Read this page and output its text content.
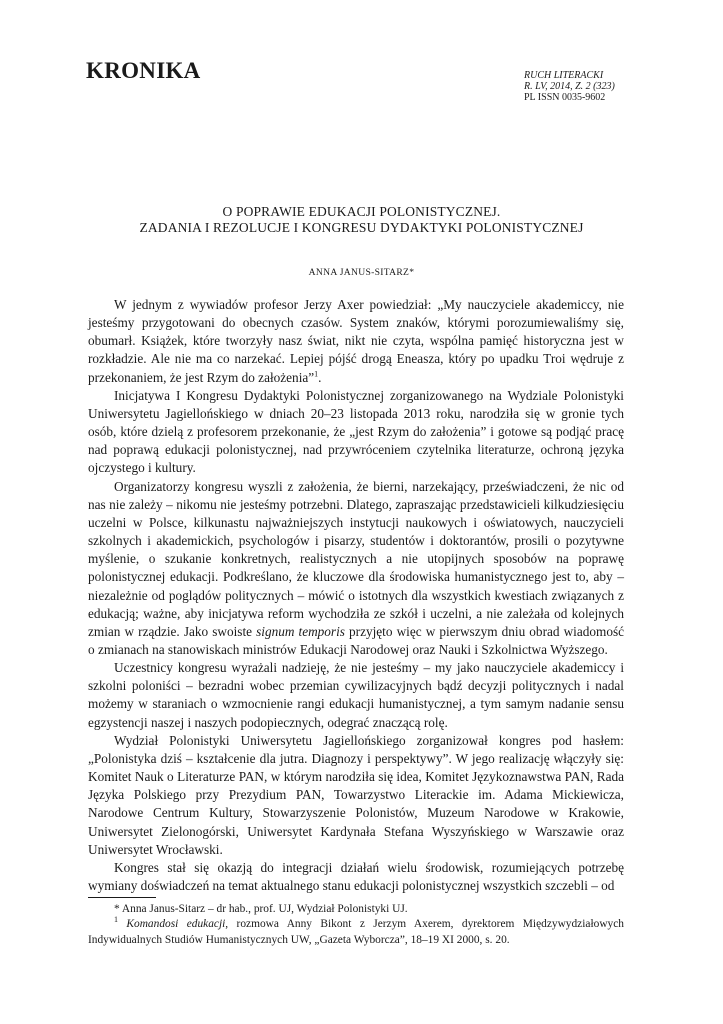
KRONIKA	RUCH LITERACKI
R. LV, 2014, Z. 2 (323)
PL ISSN 0035-9602
O POPRAWIE EDUKACJI POLONISTYCZNEJ.
ZADANIA I REZOLUCJE I KONGRESU DYDAKTYKI POLONISTYCZNEJ
ANNA JANUS-SITARZ*

W jednym z wywiadów profesor Jerzy Axer powiedział: „My nauczyciele akademiccy, nie jesteśmy przygotowani do obecnych czasów. System znaków, którymi porozumiewaliśmy się, obumarł. Książek, które tworzyły nasz świat, nikt nie czyta, wspólna pamięć historyczna jest w rozkładzie. Ale nie ma co narzekać. Lepiej pójść drogą Eneasza, który po upadku Troi wędruje z przekonaniem, że jest Rzym do założenia”$^1$.

Inicjatywa I Kongresu Dydaktyki Polonistycznej zorganizowanego na Wydziale Polonistyki Uniwersytetu Jagiellońskiego w dniach 20–23 listopada 2013 roku, narodziła się w gronie tych osób, które dzielą z profesorem przekonanie, że „jest Rzym do założenia” i gotowe są podjąć pracę nad poprawą edukacji polonistycznej, nad przywróceniem czytelnika literaturze, ochroną języka ojczystego i kultury.

Organizatorzy kongresu wyszli z założenia, że bierni, narzekający, przeświadczeni, że nic od nas nie zależy – nikomu nie jesteśmy potrzebni. Dlatego, zapraszając przedstawicieli kilkudziesięciu uczelni w Polsce, kilkunastu najważniejszych instytucji naukowych i oświatowych, nauczycieli szkolnych i akademickich, psychologów i pisarzy, studentów i doktorantów, prosili o pozytywne myślenie, o szukanie konkretnych, realistycznych a nie utopijnych sposobów na poprawę polonistycznej edukacji. Podkreślano, że kluczowe dla środowiska humanistycznego jest to, aby – niezależnie od poglądów politycznych – mówić o istotnych dla wszystkich kwestiach związanych z edukacją; ważne, aby inicjatywa reform wychodziła ze szkół i uczelni, a nie zależała od kolejnych zmian w rządzie. Jako swoiste signum temporis przyjęto więc w pierwszym dniu obrad wiadomość o zmianach na stanowiskach ministrów Edukacji Narodowej oraz Nauki i Szkolnictwa Wyższego.

Uczestnicy kongresu wyrażali nadzieję, że nie jesteśmy – my jako nauczyciele akademiccy i szkolni poloniści – bezradni wobec przemian cywilizacyjnych bądź decyzji politycznych i nadal możemy w staraniach o wzmocnienie rangi edukacji humanistycznej, a tym samym nadanie sensu egzystencji naszej i naszych podopiecznych, odegrać znaczącą rolę.

Wydział Polonistyki Uniwersytetu Jagiellońskiego zorganizował kongres pod hasłem: „Polonistyka dziś – kształcenie dla jutra. Diagnozy i perspektywy”. W jego realizację włączyły się: Komitet Nauk o Literaturze PAN, w którym narodziła się idea, Komitet Językoznawstwa PAN, Rada Języka Polskiego przy Prezydium PAN, Towarzystwo Literackie im. Adama Mickiewicza, Narodowe Centrum Kultury, Stowarzyszenie Polonistów, Muzeum Narodowe w Krakowie, Uniwersytet Zielonogórski, Uniwersytet Kardynała Stefana Wyszyńskiego w Warszawie oraz Uniwersytet Wrocławski.

Kongres stał się okazją do integracji działań wielu środowisk, rozumiejących potrzebę wymiany doświadczeń na temat aktualnego stanu edukacji polonistycznej wszystkich szczebli – od

* Anna Janus-Sitarz – dr hab., prof. UJ, Wydział Polonistyki UJ.

$^1$ Komandosi edukacji, rozmowa Anny Bikont z Jerzym Axerem, dyrektorem Międzywydziałowych Indywidualnych Studiów Humanistycznych UW, „Gazeta Wyborcza”, 18–19 XI 2000, s. 20.
